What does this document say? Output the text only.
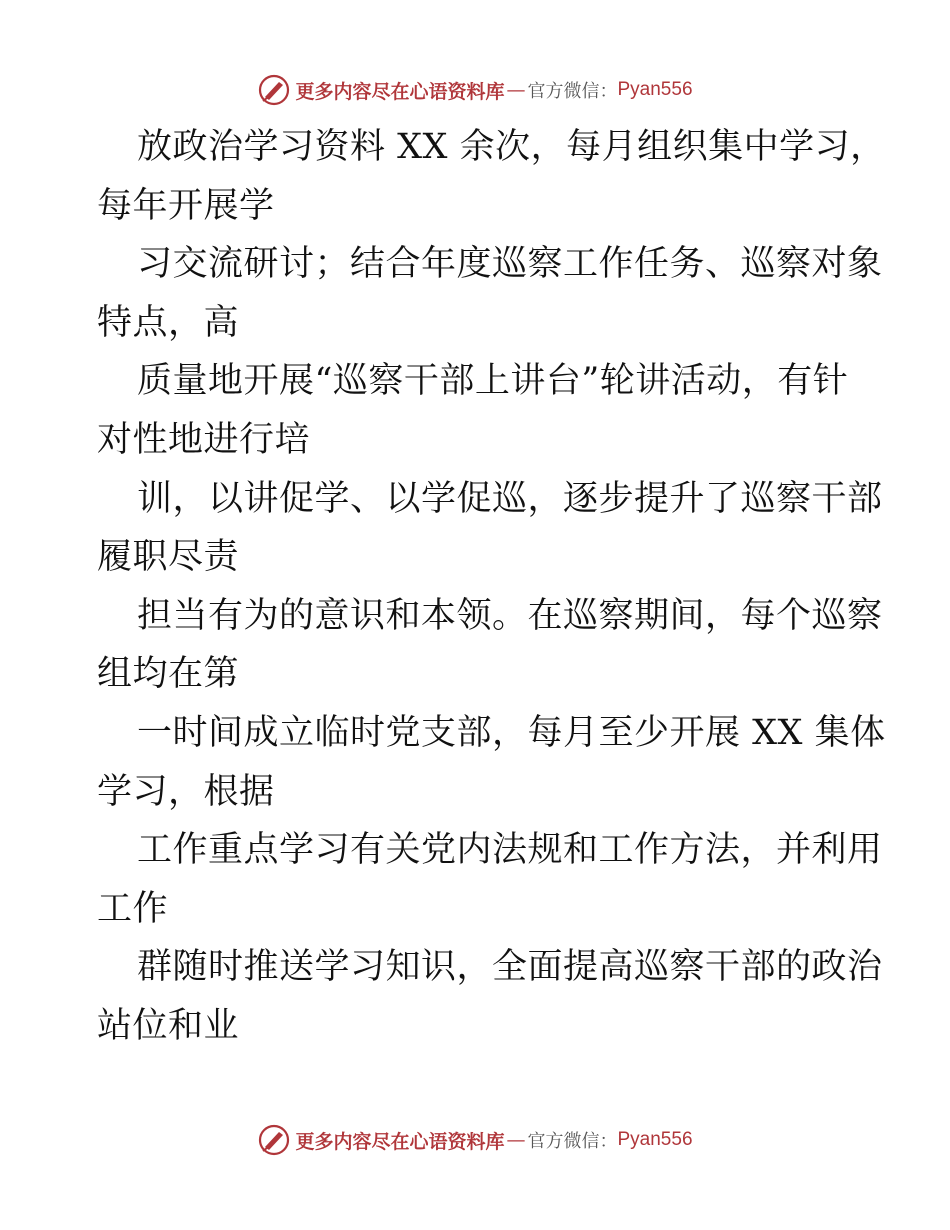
更多内容尽在心语资料库 — 官方微信： Pyan556
放政治学习资料 XX 余次，每月组织集中学习，
每年开展学
习交流研讨；结合年度巡察工作任务、巡察对象
特点，高
质量地开展“巡察干部上讲台”轮讲活动，有针
对性地进行培
训，以讲促学、以学促巡，逐步提升了巡察干部
履职尽责
担当有为的意识和本领。在巡察期间，每个巡察
组均在第
一时间成立临时党支部，每月至少开展 XX 集体
学习，根据
工作重点学习有关党内法规和工作方法，并利用
工作
群随时推送学习知识，全面提高巡察干部的政治
站位和业
更多内容尽在心语资料库 — 官方微信： Pyan556
